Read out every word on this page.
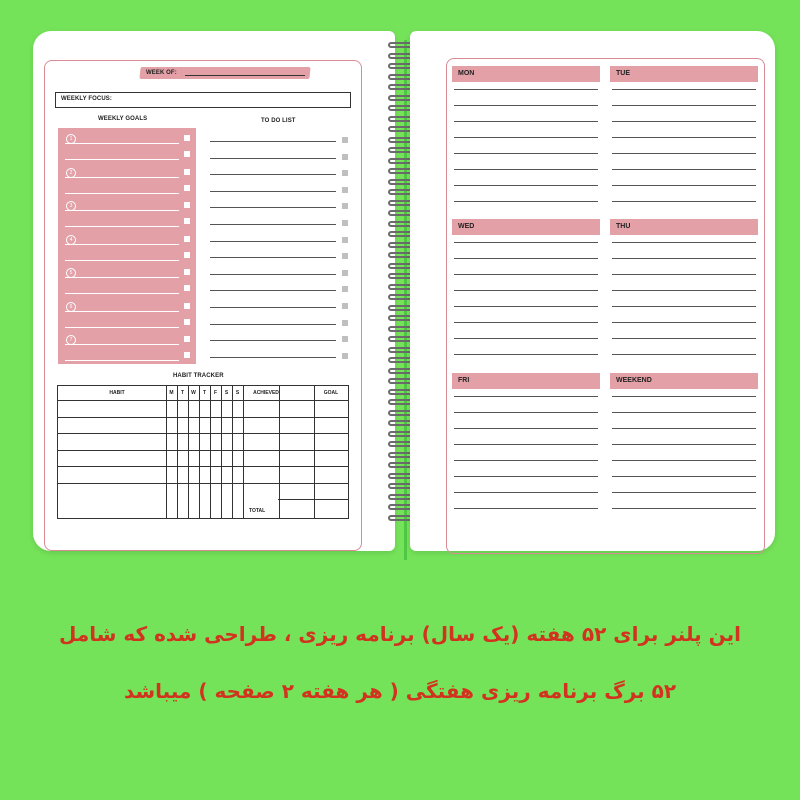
WEEK OF:
WEEKLY FOCUS:
WEEKLY GOALS	TO DO LIST
1
2
3
4
5
6
7
HABIT TRACKER
HABIT	M	T	W	T	F	S	S	ACHIEVED	GOAL
TOTAL
MON	TUE
WED	THU
FRI	WEEKEND
این پلنر برای ۵۲ هفته (یک سال) برنامه ریزی ، طراحی شده که شامل
۵۲ برگ برنامه ریزی هفتگی ( هر هفته ۲ صفحه ) میباشد
